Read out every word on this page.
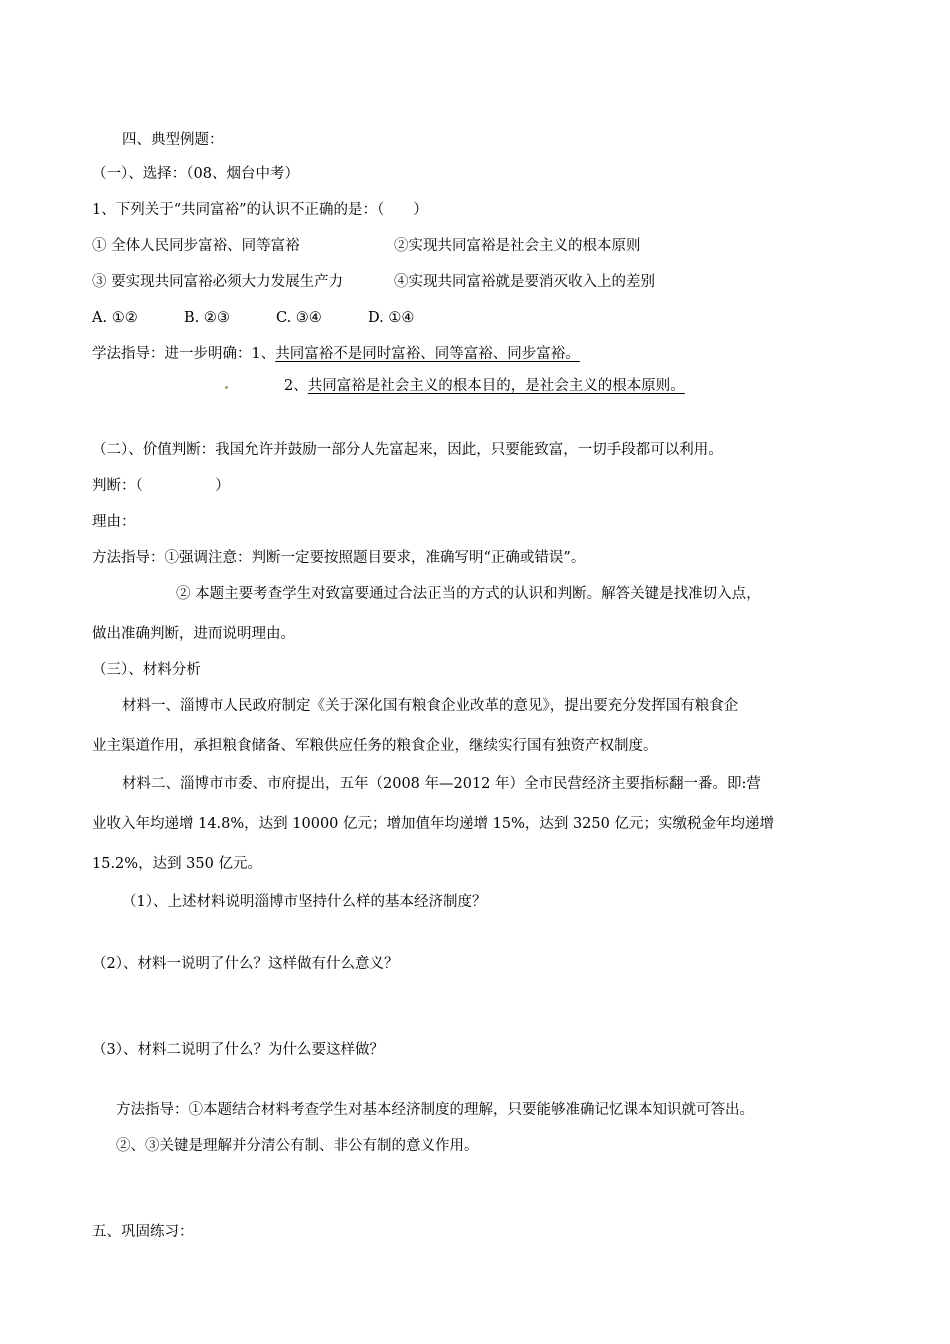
四、典型例题：
（一）、选择：（08、烟台中考）
1、下列关于“共同富裕”的认识不正确的是：（　　）
① 全体人民同步富裕、同等富裕	②实现共同富裕是社会主义的根本原则
③ 要实现共同富裕必须大力发展生产力	④实现共同富裕就是要消灭收入上的差别
A. ①②	B. ②③	C. ③④	D. ①④
学法指导：进一步明确：1、共同富裕不是同时富裕、同等富裕、同步富裕。
2、共同富裕是社会主义的根本目的，是社会主义的根本原则。
（二）、价值判断：我国允许并鼓励一部分人先富起来，因此，只要能致富，一切手段都可以利用。
判断：（　　　　　）
理由：
方法指导：①强调注意：判断一定要按照题目要求，准确写明“正确或错误”。
② 本题主要考查学生对致富要通过合法正当的方式的认识和判断。解答关键是找准切入点，
做出准确判断，进而说明理由。
（三）、材料分析
材料一、淄博市人民政府制定《关于深化国有粮食企业改革的意见》，提出要充分发挥国有粮食企
业主渠道作用，承担粮食储备、军粮供应任务的粮食企业，继续实行国有独资产权制度。
材料二、淄博市市委、市府提出，五年（2008 年—2012 年）全市民营经济主要指标翻一番。即:营
业收入年均递增 14.8%，达到 10000 亿元；增加值年均递增 15%，达到 3250 亿元；实缴税金年均递增
15.2%，达到 350 亿元。
（1）、上述材料说明淄博市坚持什么样的基本经济制度？
（2）、材料一说明了什么？这样做有什么意义？
（3）、材料二说明了什么？为什么要这样做？
方法指导：①本题结合材料考查学生对基本经济制度的理解，只要能够准确记忆课本知识就可答出。
②、③关键是理解并分清公有制、非公有制的意义作用。
五、巩固练习：
